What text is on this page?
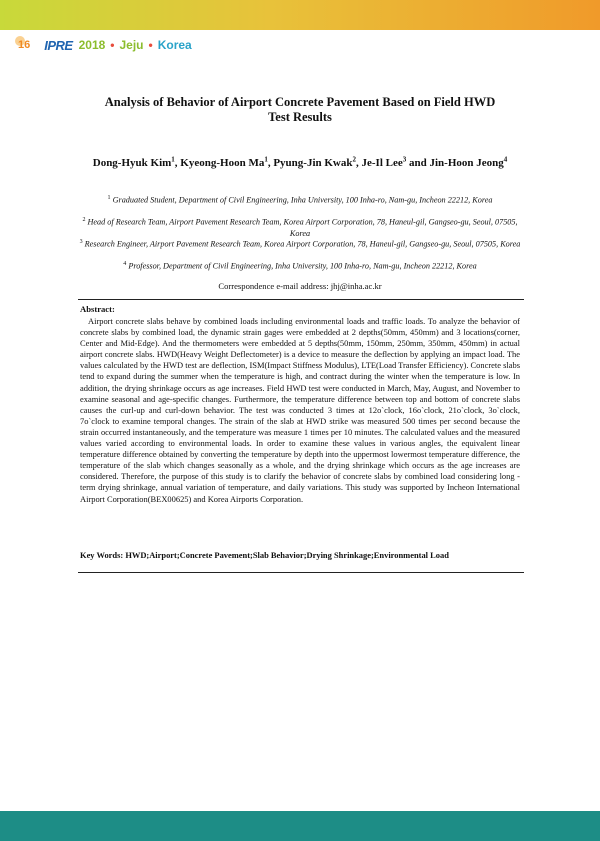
16 IPRE 2018 • Jeju • Korea
Analysis of Behavior of Airport Concrete Pavement Based on Field HWD
Test Results
Dong-Hyuk Kim$^1$, Kyeong-Hoon Ma$^1$, Pyung-Jin Kwak$^2$, Je-Il Lee$^3$ and Jin-Hoon Jeong$^4$
$^1$ Graduated Student, Department of Civil Engineering, Inha University, 100 Inha-ro, Nam-gu, Incheon 22212, Korea
$^2$ Head of Research Team, Airport Pavement Research Team, Korea Airport Corporation, 78, Haneul-gil, Gangseo-gu, Seoul, 07505, Korea
$^3$ Research Engineer, Airport Pavement Research Team, Korea Airport Corporation, 78, Haneul-gil, Gangseo-gu, Seoul, 07505, Korea
$^4$ Professor, Department of Civil Engineering, Inha University, 100 Inha-ro, Nam-gu, Incheon 22212, Korea
Correspondence e-mail address: jhj@inha.ac.kr
Abstract:
Airport concrete slabs behave by combined loads including environmental loads and traffic loads. To analyze the behavior of concrete slabs by combined load, the dynamic strain gages were embedded at 2 depths(50mm, 450mm) and 3 locations(corner, Center and Mid-Edge). And the thermometers were embedded at 5 depths(50mm, 150mm, 250mm, 350mm, 450mm) in actual airport concrete slabs. HWD(Heavy Weight Deflectometer) is a device to measure the deflection by applying an impact load. The values calculated by the HWD test are deflection, ISM(Impact Stiffness Modulus), LTE(Load Transfer Efficiency). Concrete slabs tend to expand during the summer when the temperature is high, and contract during the winter when the temperature is low. In addition, the drying shrinkage occurs as age increases. Field HWD test were conducted in March, May, August, and November to examine seasonal and age-specific changes. Furthermore, the temperature difference between top and bottom of concrete slabs causes the curl-up and curl-down behavior. The test was conducted 3 times at 12o`clock, 16o`clock, 21o`clock, 3o`clock, 7o`clock to examine temporal changes. The strain of the slab at HWD strike was measured 500 times per second because the strain occurred instantaneously, and the temperature was measure 1 times per 10 minutes. The calculated values and the measured values varied according to environmental loads. In order to examine these values in various angles, the equivalent linear temperature difference obtained by converting the temperature by depth into the uppermost lowermost temperature difference, the temperature of the slab which changes seasonally as a whole, and the drying shrinkage which occurs as the age increases are considered. Therefore, the purpose of this study is to clarify the behavior of concrete slabs by combined load considering long - term drying shrinkage, annual variation of temperature, and daily variations. This study was supported by Incheon International Airport Corporation(BEX00625) and Korea Airports Corporation.
Key Words: HWD;Airport;Concrete Pavement;Slab Behavior;Drying Shrinkage;Environmental Load
